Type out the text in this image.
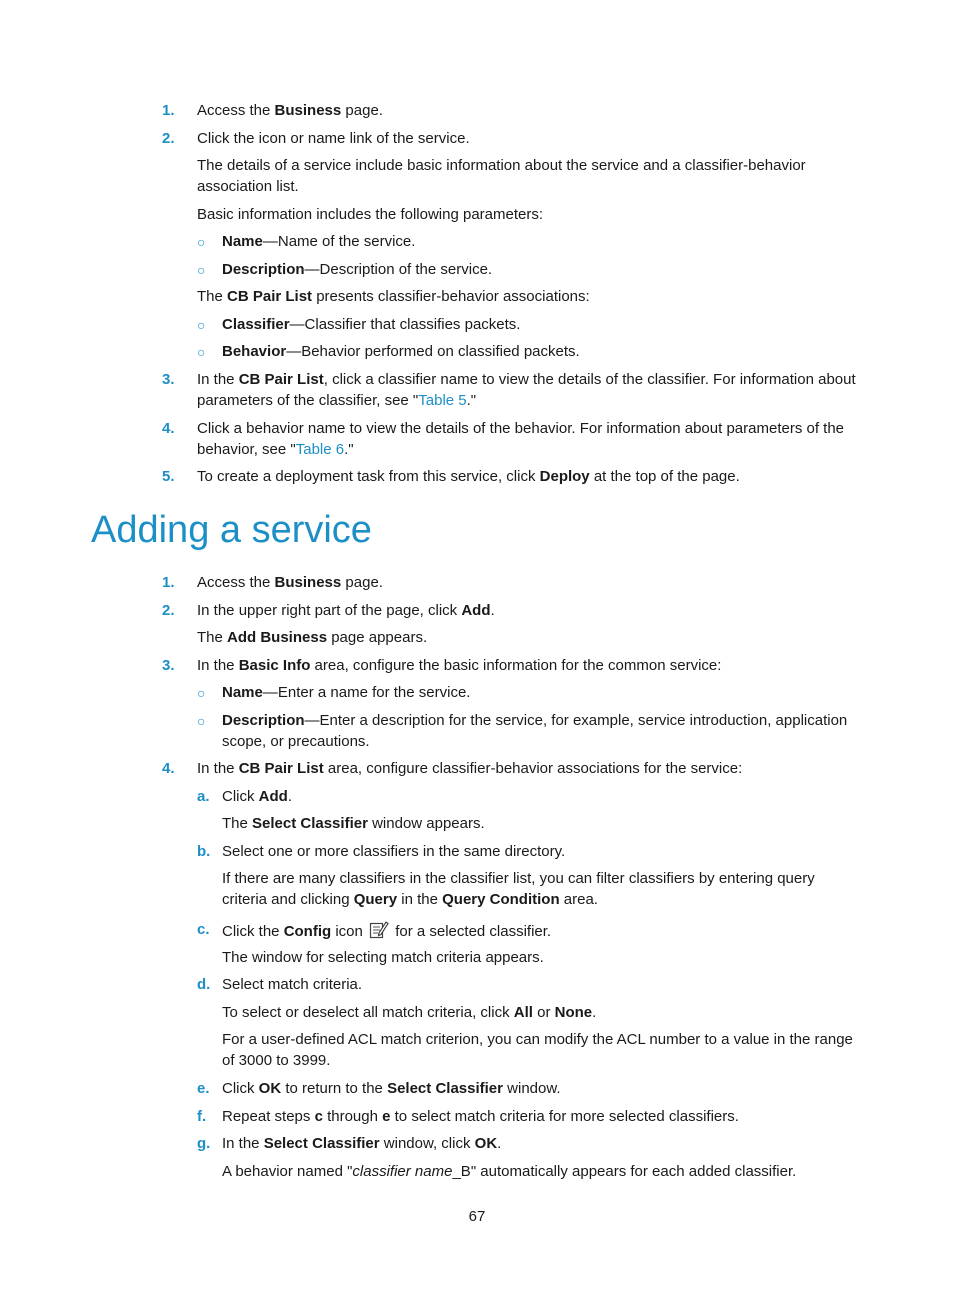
1. Access the Business page.
2. Click the icon or name link of the service.
The details of a service include basic information about the service and a classifier-behavior
association list.
Basic information includes the following parameters:
○ Name—Name of the service.
○ Description—Description of the service.
The CB Pair List presents classifier-behavior associations:
○ Classifier—Classifier that classifies packets.
○ Behavior—Behavior performed on classified packets.
3. In the CB Pair List, click a classifier name to view the details of the classifier. For information about
parameters of the classifier, see "Table 5."
4. Click a behavior name to view the details of the behavior. For information about parameters of the
behavior, see "Table 6."
5. To create a deployment task from this service, click Deploy at the top of the page.
Adding a service
1. Access the Business page.
2. In the upper right part of the page, click Add.
The Add Business page appears.
3. In the Basic Info area, configure the basic information for the common service:
○ Name—Enter a name for the service.
○ Description—Enter a description for the service, for example, service introduction, application
scope, or precautions.
4. In the CB Pair List area, configure classifier-behavior associations for the service:
a. Click Add.
The Select Classifier window appears.
b. Select one or more classifiers in the same directory.
If there are many classifiers in the classifier list, you can filter classifiers by entering query
criteria and clicking Query in the Query Condition area.
c. Click the Config icon  for a selected classifier.
The window for selecting match criteria appears.
d. Select match criteria.
To select or deselect all match criteria, click All or None.
For a user-defined ACL match criterion, you can modify the ACL number to a value in the range
of 3000 to 3999.
e. Click OK to return to the Select Classifier window.
f. Repeat steps c through e to select match criteria for more selected classifiers.
g. In the Select Classifier window, click OK.
A behavior named "classifier name_B" automatically appears for each added classifier.
67
